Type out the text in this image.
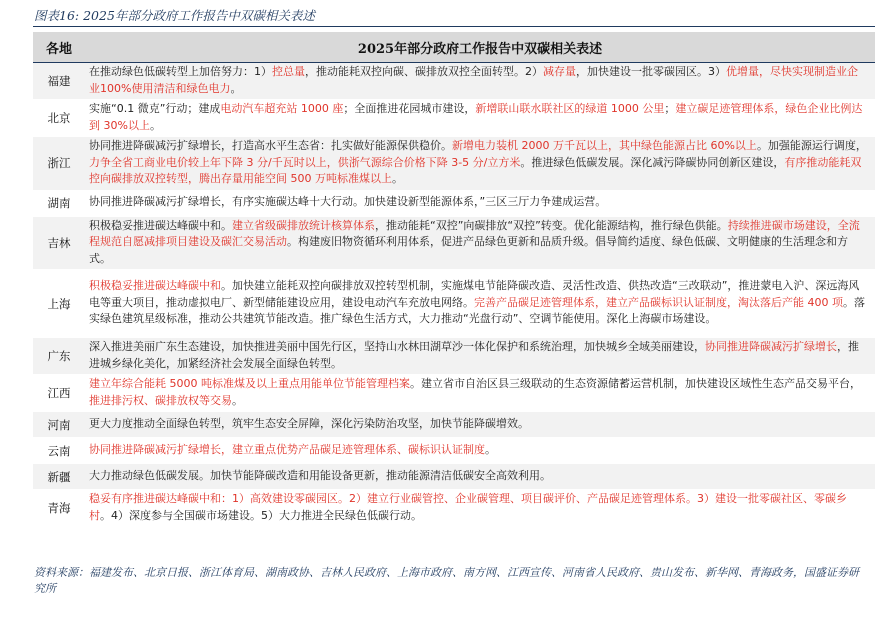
图表16: 2025年部分政府工作报告中双碳相关表述
各地	2025年部分政府工作报告中双碳相关表述
福建	在推动绿色低碳转型上加倍努力：1）控总量，推动能耗双控向碳、碳排放双控全面转型。2）减存量，加快建设一批零碳园区。3）优增量，尽快实现制造业企业100%使用清洁和绿色电力。
北京	实施“0.1 微克”行动；建成电动汽车超充站 1000 座；全面推进花园城市建设，新增联山联水联社区的绿道 1000 公里；建立碳足迹管理体系，绿色企业比例达到 30%以上。
浙江	协同推进降碳减污扩绿增长，打造高水平生态省：扎实做好能源保供稳价。新增电力装机 2000 万千瓦以上，其中绿色能源占比 60%以上。加强能源运行调度，力争全省工商业电价较上年下降 3 分/千瓦时以上，供浙气源综合价格下降 3-5 分/立方米。推进绿色低碳发展。深化减污降碳协同创新区建设，有序推动能耗双控向碳排放双控转型，腾出存量用能空间 500 万吨标准煤以上。
湖南	协同推进降碳减污扩绿增长，有序实施碳达峰十大行动。加快建设新型能源体系，”三区三厅力争建成运营。
吉林	积极稳妥推进碳达峰碳中和。建立省级碳排放统计核算体系，推动能耗“双控”向碳排放“双控”转变。优化能源结构，推行绿色供能。持续推进碳市场建设，全流程规范自愿减排项目建设及碳汇交易活动。构建废旧物资循环利用体系，促进产品绿色更新和品质升级。倡导简约适度、绿色低碳、文明健康的生活理念和方式。
上海	积极稳妥推进碳达峰碳中和。加快建立能耗双控向碳排放双控转型机制，实施煤电节能降碳改造、灵活性改造、供热改造“三改联动”，推进蒙电入沪、深远海风电等重大项目，推动虚拟电厂、新型储能建设应用，建设电动汽车充放电网络。完善产品碳足迹管理体系，建立产品碳标识认证制度，淘汰落后产能 400 项。落实绿色建筑星级标准，推动公共建筑节能改造。推广绿色生活方式，大力推动“光盘行动”、空调节能使用。深化上海碳市场建设。
广东	深入推进美丽广东生态建设，加快推进美丽中国先行区，坚持山水林田湖草沙一体化保护和系统治理，加快城乡全域美丽建设，协同推进降碳减污扩绿增长，推进城乡绿化美化，加紧经济社会发展全面绿色转型。
江西	建立年综合能耗 5000 吨标准煤及以上重点用能单位节能管理档案。建立省市自治区县三级联动的生态资源储蓄运营机制，加快建设区域性生态产品交易平台，推进排污权、碳排放权等交易。
河南	更大力度推动全面绿色转型，筑牢生态安全屏障，深化污染防治攻坚，加快节能降碳增效。
云南	协同推进降碳减污扩绿增长，建立重点优势产品碳足迹管理体系、碳标识认证制度。
新疆	大力推动绿色低碳发展。加快节能降碳改造和用能设备更新，推动能源清洁低碳安全高效利用。
青海	稳妥有序推进碳达峰碳中和：1）高效建设零碳园区。2）建立行业碳管控、企业碳管理、项目碳评价、产品碳足迹管理体系。3）建设一批零碳社区、零碳乡村。4）深度参与全国碳市场建设。5）大力推进全民绿色低碳行动。
资料来源：福建发布、北京日报、浙江体育局、湖南政协、吉林人民政府、上海市政府、南方网、江西宣传、河南省人民政府、贵山发布、新华网、青海政务，国盛证券研究所
